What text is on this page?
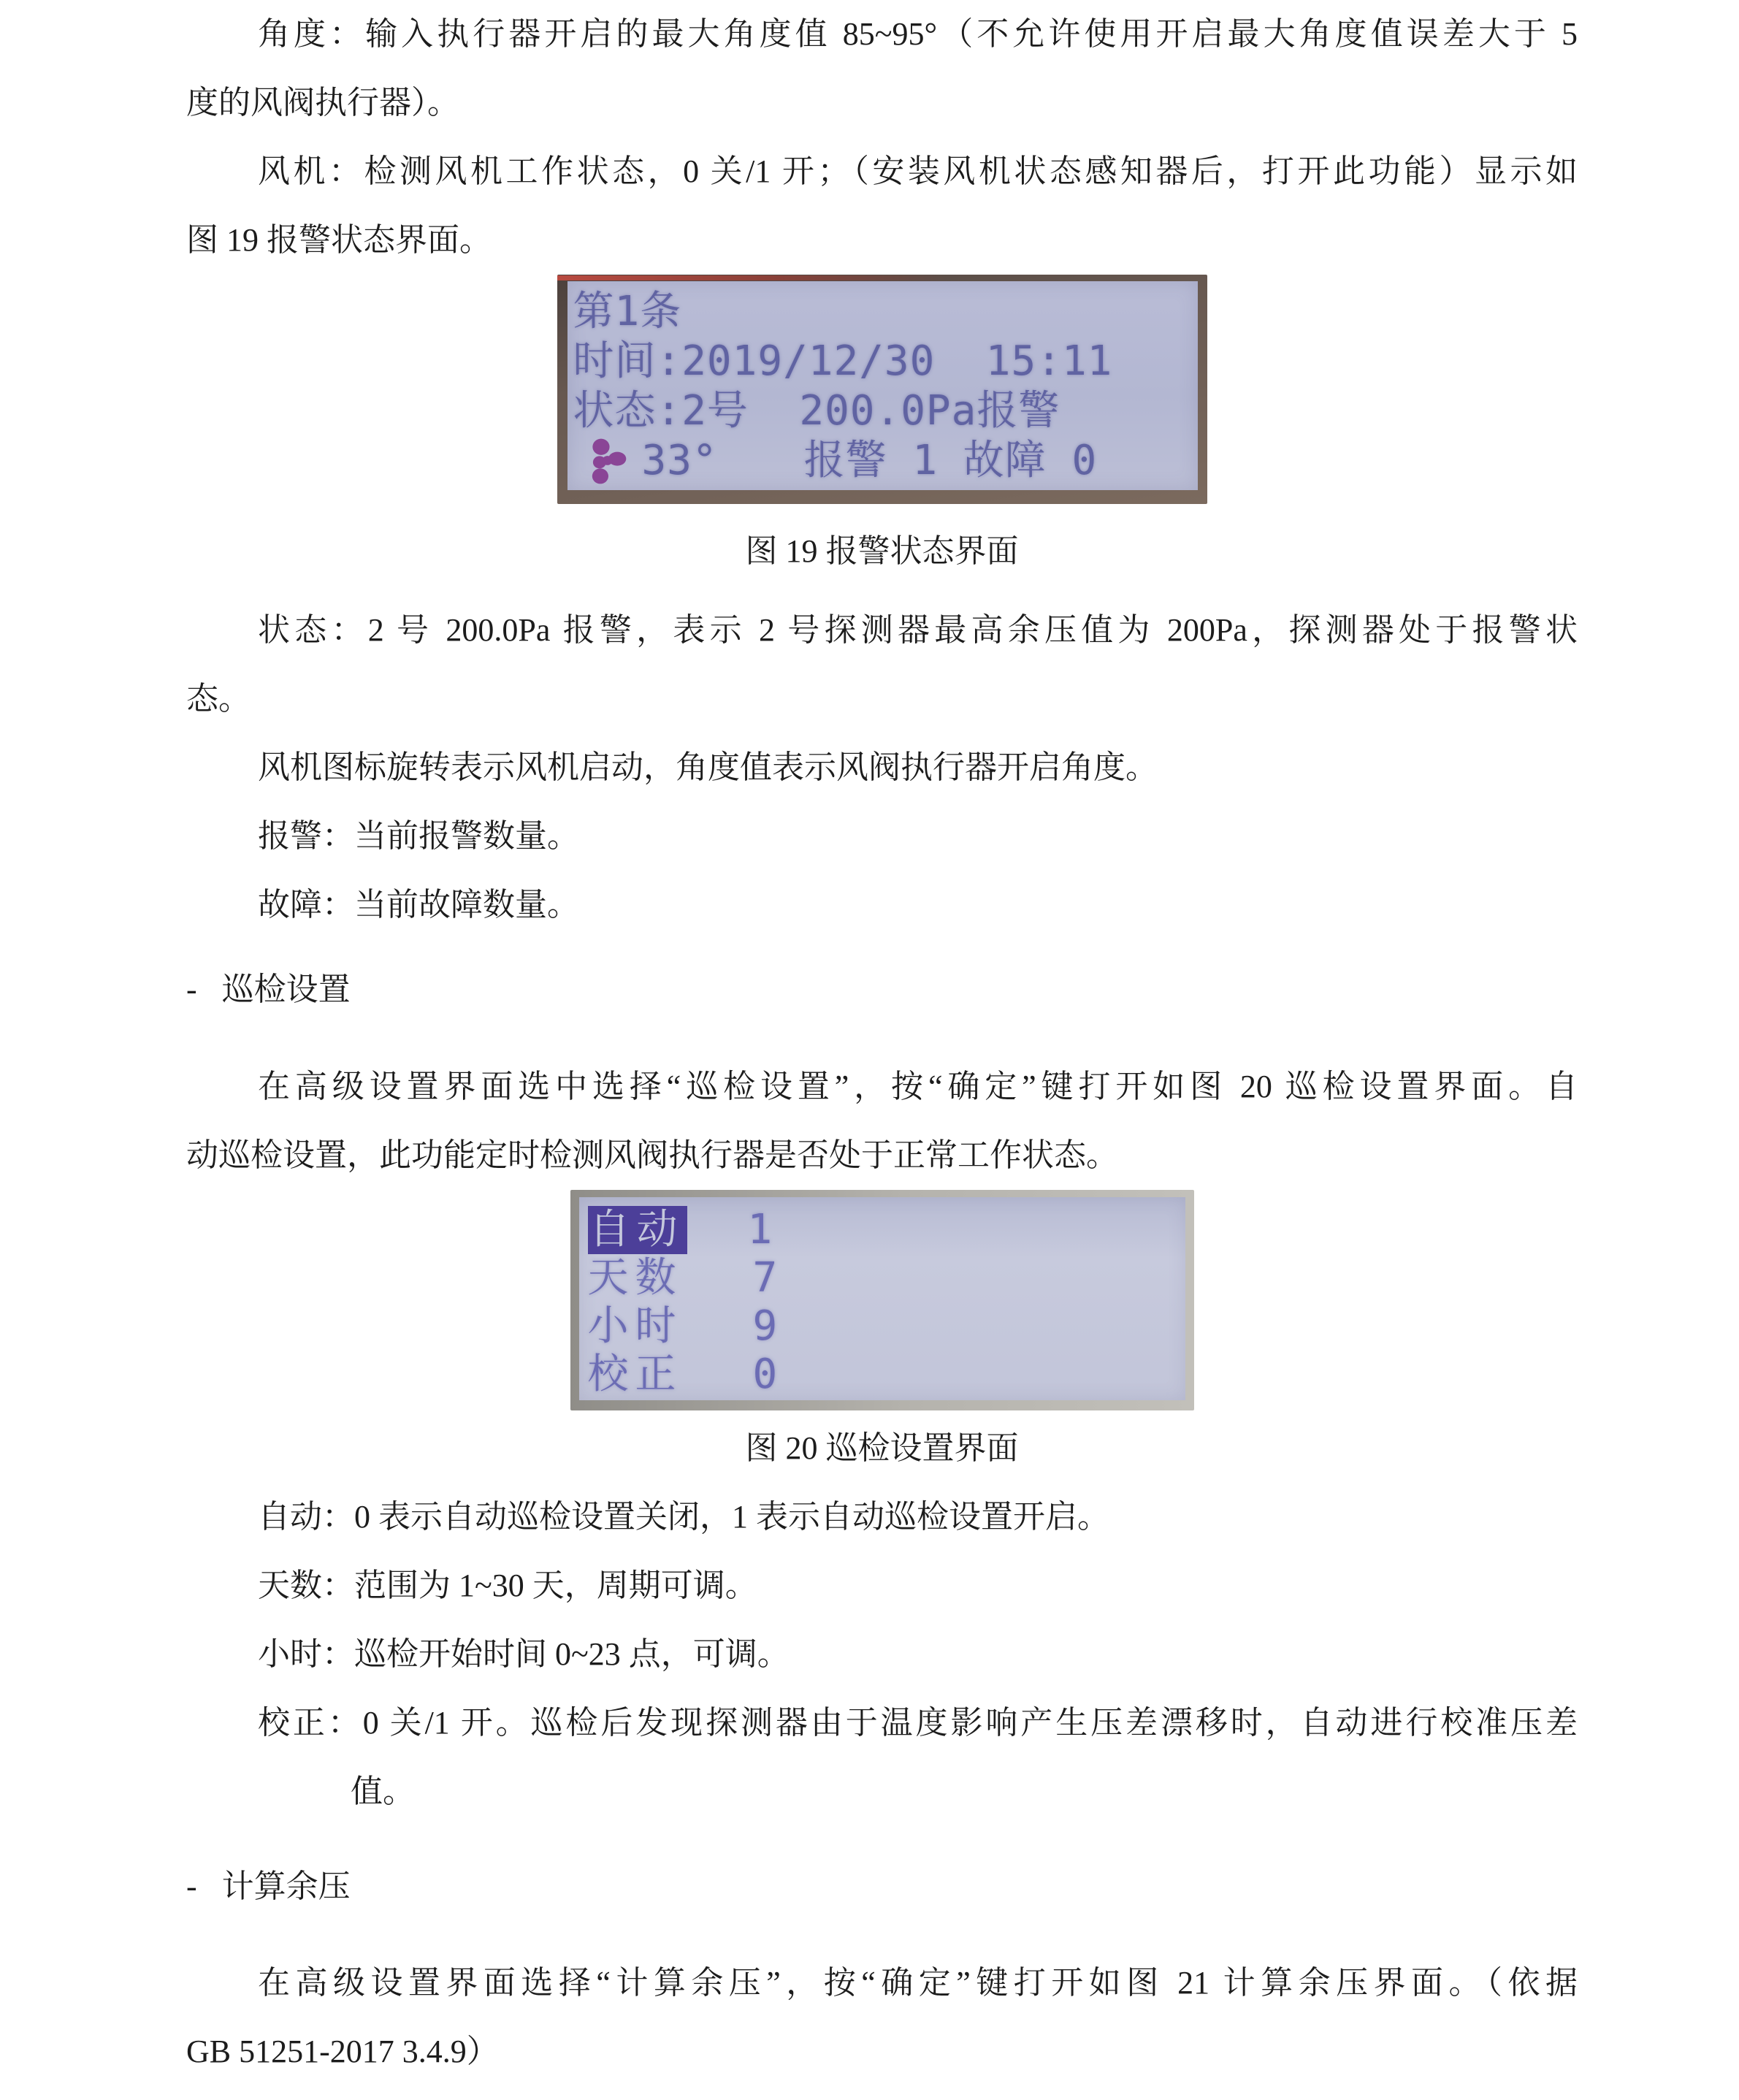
角度：输入执行器开启的最大角度值 85~95°（不允许使用开启最大角度值误差大于 5
度的风阀执行器）。
风机：检测风机工作状态，0 关/1 开；（安装风机状态感知器后，打开此功能）显示如
图 19 报警状态界面。
第1条
时间:2019/12/30  15:11
状态:2号  200.0Pa报警
33° 报警 1 故障 0
图 19 报警状态界面
状态：2 号 200.0Pa 报警，表示 2 号探测器最高余压值为 200Pa，探测器处于报警状
态。
风机图标旋转表示风机启动，角度值表示风阀执行器开启角度。
报警：当前报警数量。
故障：当前故障数量。
- 巡检设置
在高级设置界面选中选择“巡检设置”，按“确定”键打开如图 20 巡检设置界面。自
动巡检设置，此功能定时检测风阀执行器是否处于正常工作状态。
自动 1
天数	7
小时	9
校正	0
图 20 巡检设置界面
自动：0 表示自动巡检设置关闭，1 表示自动巡检设置开启。
天数：范围为 1~30 天，周期可调。
小时：巡检开始时间 0~23 点，可调。
校正：0 关/1 开。巡检后发现探测器由于温度影响产生压差漂移时，自动进行校准压差
值。
- 计算余压
在高级设置界面选择“计算余压”，按“确定”键打开如图 21 计算余压界面。（依据
GB 51251-2017 3.4.9）
